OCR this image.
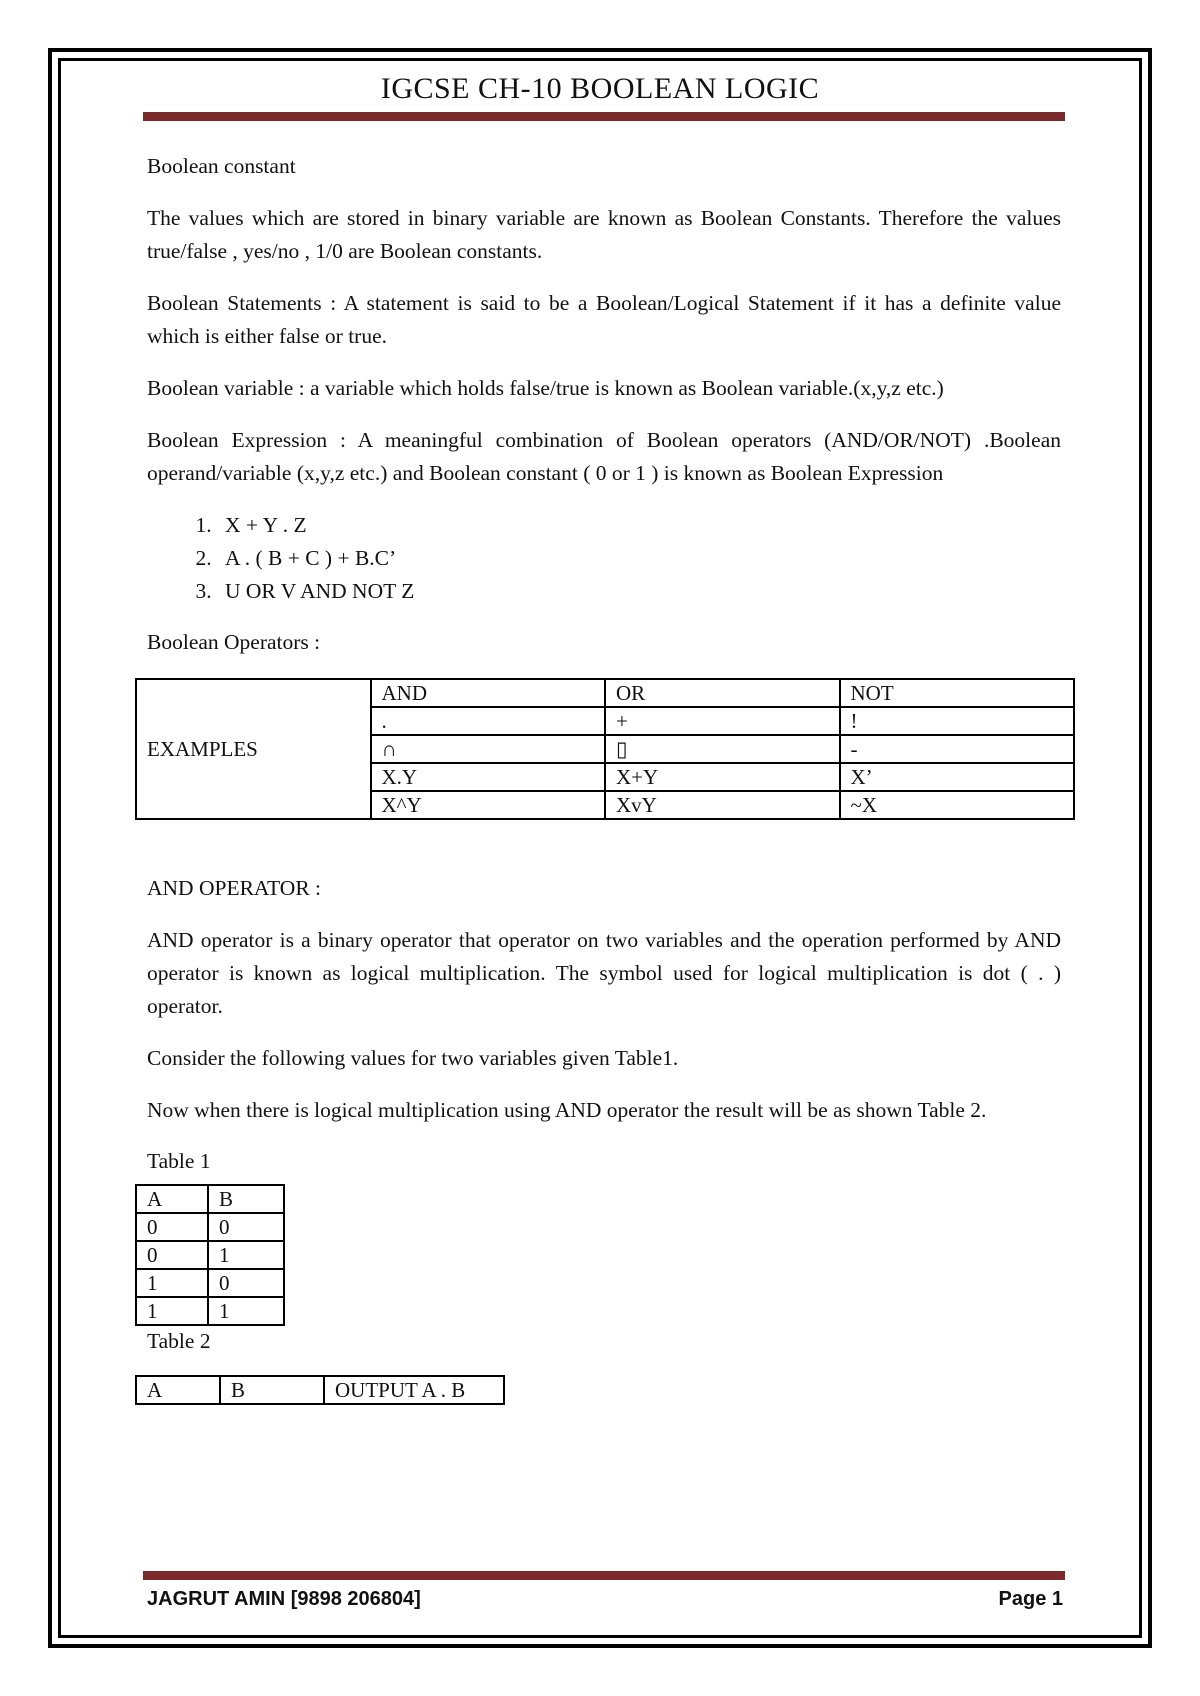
IGCSE CH-10 BOOLEAN LOGIC

Boolean constant

The values which are stored in binary variable are known as Boolean Constants. Therefore the values true/false , yes/no , 1/0 are Boolean constants.

Boolean Statements : A statement is said to be a Boolean/Logical Statement if it has a definite value which is either false or true.

Boolean variable : a variable which holds false/true is known as Boolean variable.(x,y,z etc.)

Boolean Expression : A meaningful combination of Boolean operators (AND/OR/NOT) .Boolean operand/variable (x,y,z etc.) and Boolean constant ( 0 or 1 ) is known as Boolean Expression

1. X + Y . Z
2. A . ( B + C ) + B.C’
3. U OR V AND NOT Z

Boolean Operators :

EXAMPLES	AND	OR	NOT
	.	+	!
	∩	▯	-
	X.Y	X+Y	X’
	X^Y	XvY	~X

AND OPERATOR :

AND operator is a binary operator that operator on two variables and the operation performed by AND operator is known as logical multiplication. The symbol used for logical multiplication is dot ( . ) operator.

Consider the following values for two variables given Table1.

Now when there is logical multiplication using AND operator the result will be as shown Table 2.

Table 1

A	B
0	0
0	1
1	0
1	1

Table 2

A	B	OUTPUT A . B
JAGRUT AMIN [9898 206804]	Page 1
